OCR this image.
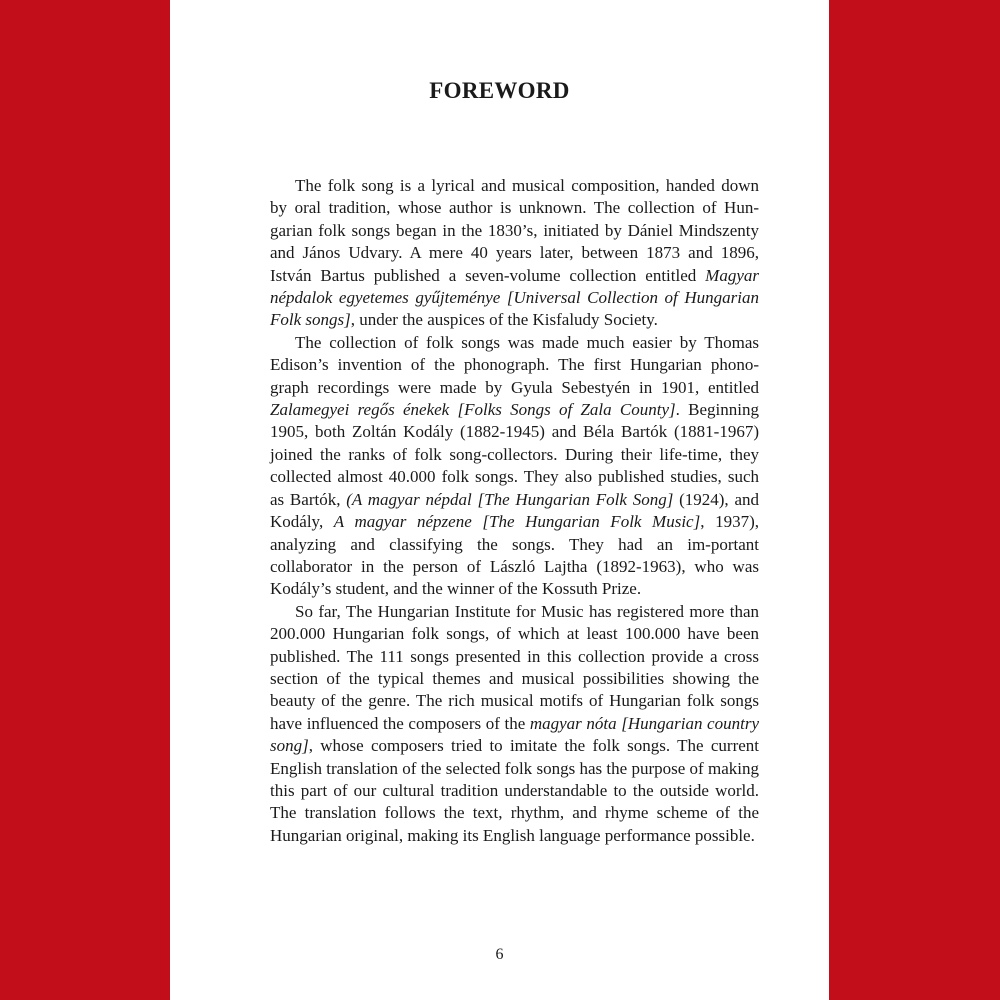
FOREWORD

The folk song is a lyrical and musical composition, handed down by oral tradition, whose author is unknown. The collection of Hun-garian folk songs began in the 1830’s, initiated by Dániel Mindszenty and János Udvary. A mere 40 years later, between 1873 and 1896, István Bartus published a seven-volume collection entitled Magyar népdalok egyetemes gyűjteménye [Universal Collection of Hungarian Folk songs], under the auspices of the Kisfaludy Society.

The collection of folk songs was made much easier by Thomas Edison’s invention of the phonograph. The first Hungarian phono-graph recordings were made by Gyula Sebestyén in 1901, entitled Zalamegyei regős énekek [Folks Songs of Zala County]. Beginning 1905, both Zoltán Kodály (1882-1945) and Béla Bartók (1881-1967) joined the ranks of folk song-collectors. During their life-time, they collected almost 40.000 folk songs. They also published studies, such as Bartók, (A magyar népdal [The Hungarian Folk Song] (1924), and Kodály, A magyar népzene [The Hungarian Folk Music], 1937), analyzing and classifying the songs. They had an im-portant collaborator in the person of László Lajtha (1892-1963), who was Kodály’s student, and the winner of the Kossuth Prize.

So far, The Hungarian Institute for Music has registered more than 200.000 Hungarian folk songs, of which at least 100.000 have been published. The 111 songs presented in this collection provide a cross section of the typical themes and musical possibilities showing the beauty of the genre. The rich musical motifs of Hungarian folk songs have influenced the composers of the magyar nóta [Hungarian country song], whose composers tried to imitate the folk songs. The current English translation of the selected folk songs has the purpose of making this part of our cultural tradition understandable to the outside world. The translation follows the text, rhythm, and rhyme scheme of the Hungarian original, making its English language performance possible.

6
